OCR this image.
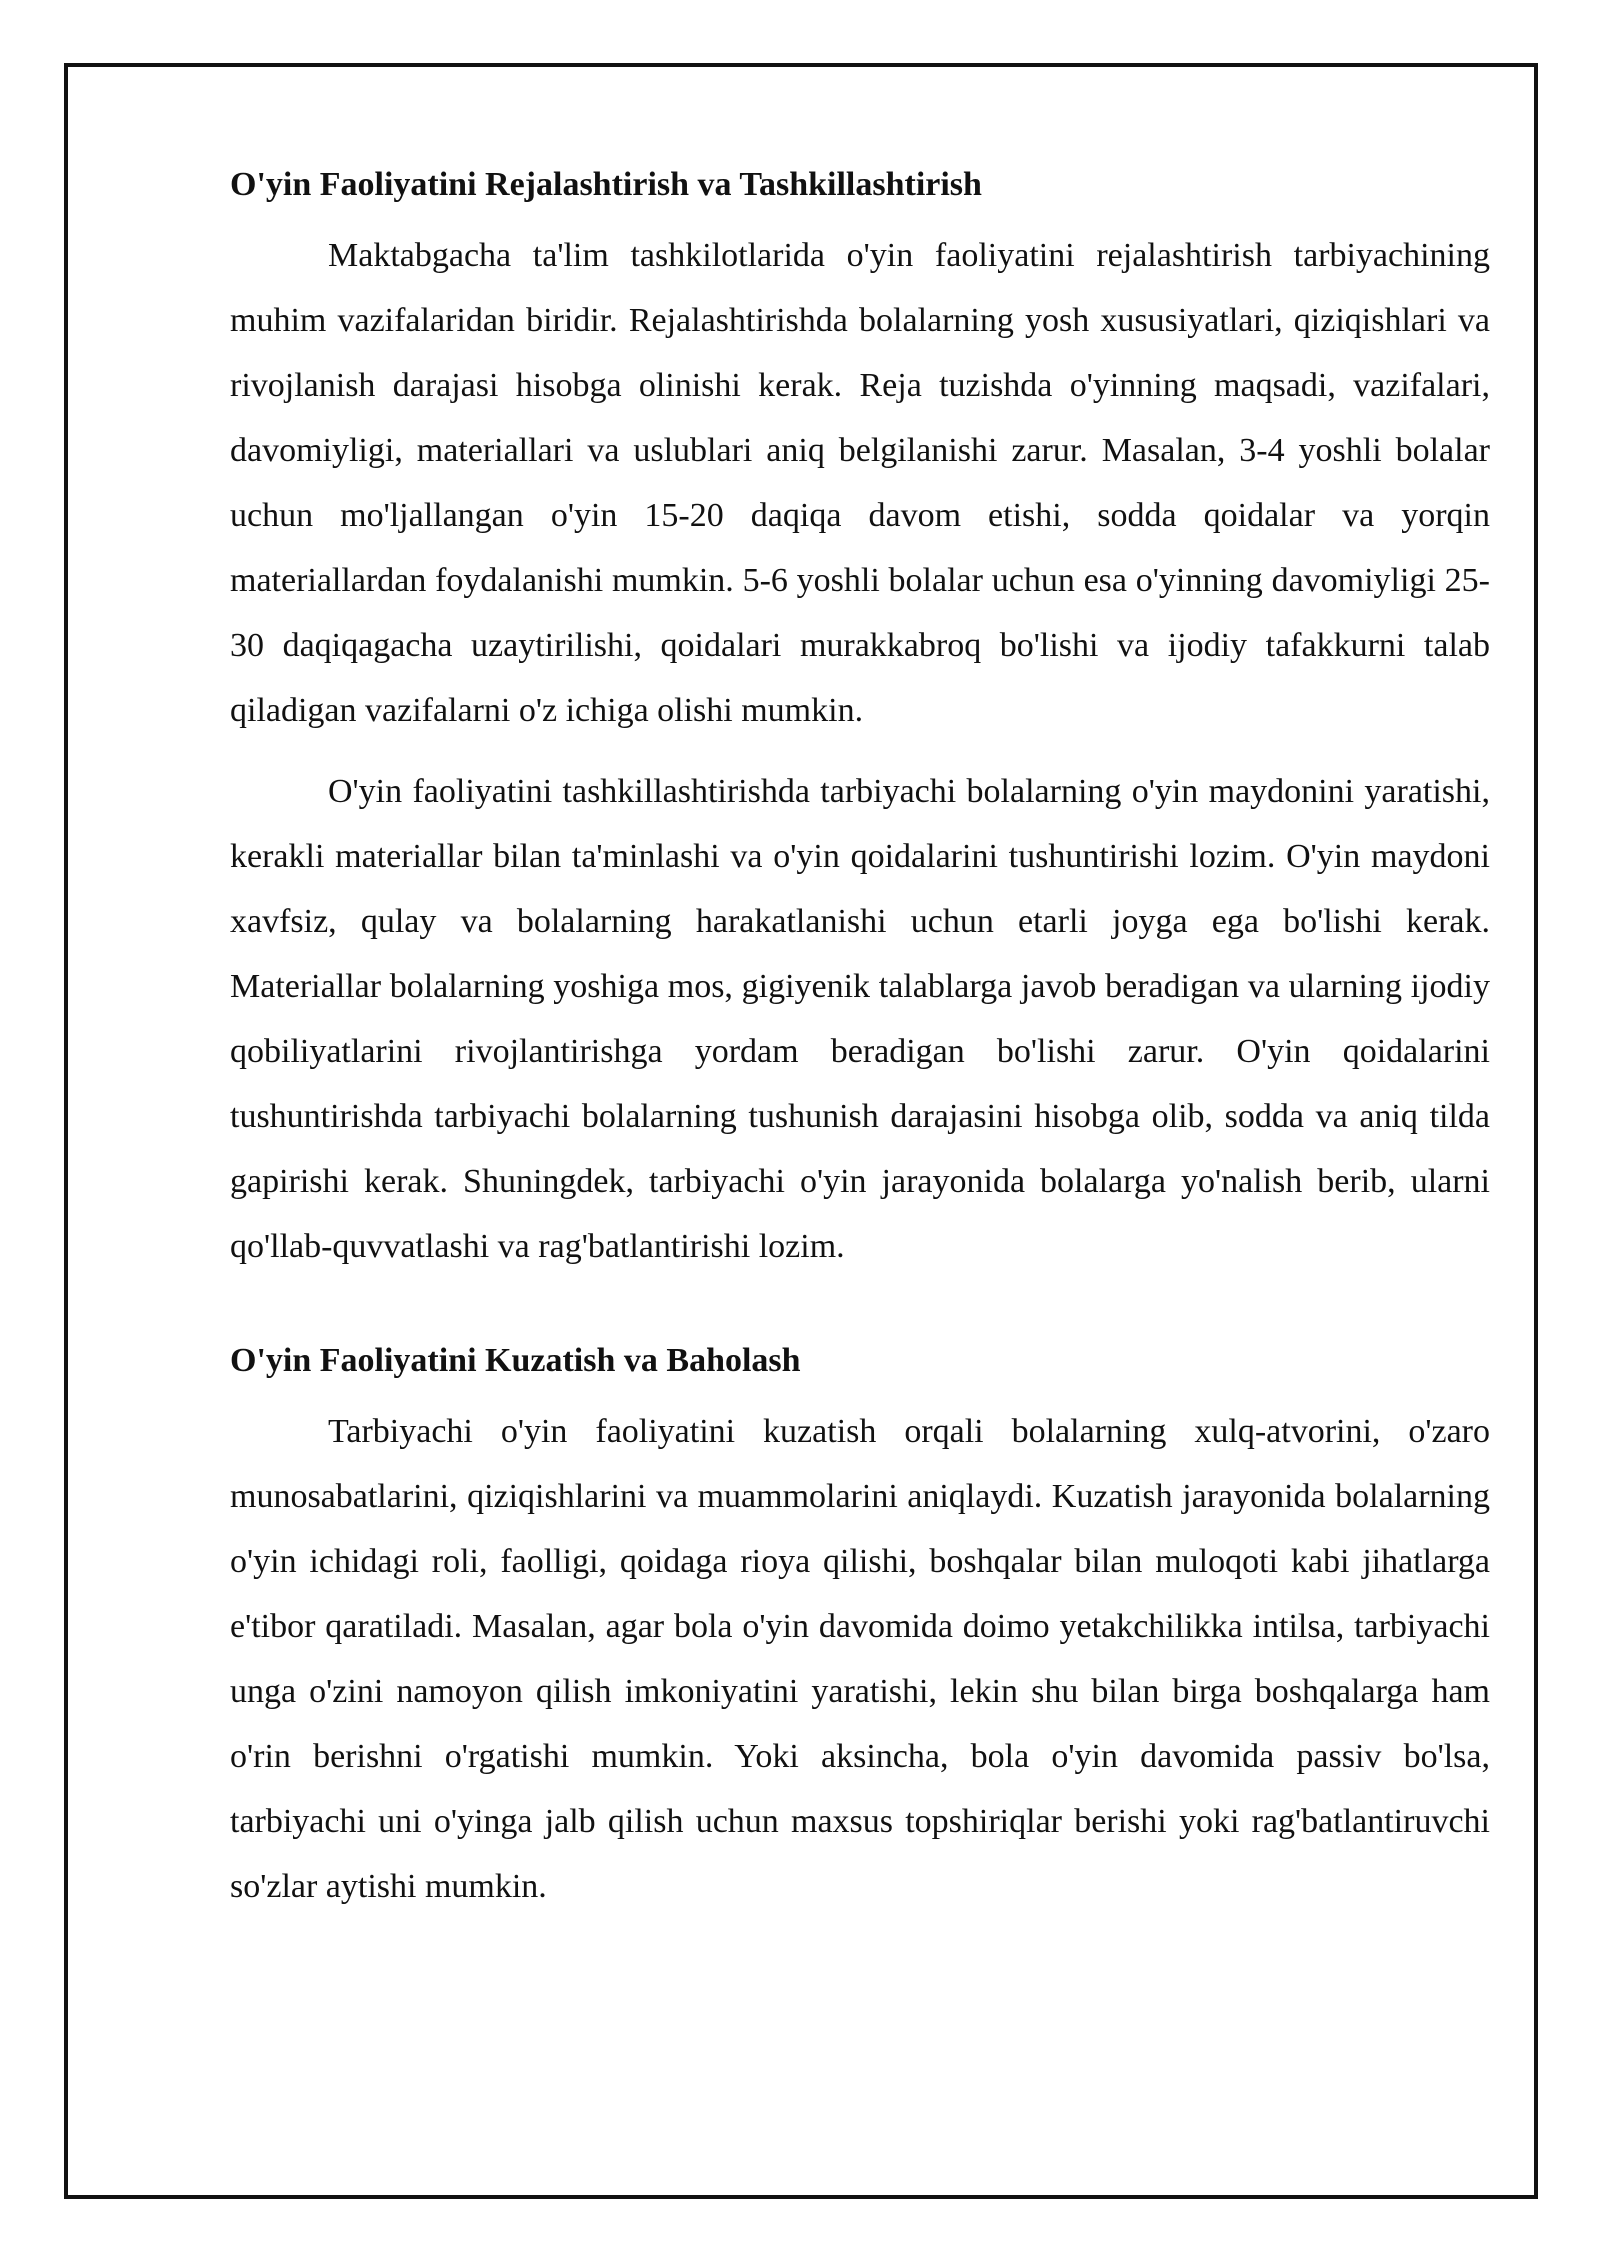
O'yin Faoliyatini Rejalashtirish va Tashkillashtirish

Maktabgacha ta'lim tashkilotlarida o'yin faoliyatini rejalashtirish tarbiyachining muhim vazifalaridan biridir. Rejalashtirishda bolalarning yosh xususiyatlari, qiziqishlari va rivojlanish darajasi hisobga olinishi kerak. Reja tuzishda o'yinning maqsadi, vazifalari, davomiyligi, materiallari va uslublari aniq belgilanishi zarur. Masalan, 3-4 yoshli bolalar uchun mo'ljallangan o'yin 15-20 daqiqa davom etishi, sodda qoidalar va yorqin materiallardan foydalanishi mumkin. 5-6 yoshli bolalar uchun esa o'yinning davomiyligi 25-30 daqiqagacha uzaytirilishi, qoidalari murakkabroq bo'lishi va ijodiy tafakkurni talab qiladigan vazifalarni o'z ichiga olishi mumkin.

O'yin faoliyatini tashkillashtirishda tarbiyachi bolalarning o'yin maydonini yaratishi, kerakli materiallar bilan ta'minlashi va o'yin qoidalarini tushuntirishi lozim. O'yin maydoni xavfsiz, qulay va bolalarning harakatlanishi uchun etarli joyga ega bo'lishi kerak. Materiallar bolalarning yoshiga mos, gigiyenik talablarga javob beradigan va ularning ijodiy qobiliyatlarini rivojlantirishga yordam beradigan bo'lishi zarur. O'yin qoidalarini tushuntirishda tarbiyachi bolalarning tushunish darajasini hisobga olib, sodda va aniq tilda gapirishi kerak. Shuningdek, tarbiyachi o'yin jarayonida bolalarga yo'nalish berib, ularni qo'llab-quvvatlashi va rag'batlantirishi lozim.

O'yin Faoliyatini Kuzatish va Baholash

Tarbiyachi o'yin faoliyatini kuzatish orqali bolalarning xulq-atvorini, o'zaro munosabatlarini, qiziqishlarini va muammolarini aniqlaydi. Kuzatish jarayonida bolalarning o'yin ichidagi roli, faolligi, qoidaga rioya qilishi, boshqalar bilan muloqoti kabi jihatlarga e'tibor qaratiladi. Masalan, agar bola o'yin davomida doimo yetakchilikka intilsa, tarbiyachi unga o'zini namoyon qilish imkoniyatini yaratishi, lekin shu bilan birga boshqalarga ham o'rin berishni o'rgatishi mumkin. Yoki aksincha, bola o'yin davomida passiv bo'lsa, tarbiyachi uni o'yinga jalb qilish uchun maxsus topshiriqlar berishi yoki rag'batlantiruvchi so'zlar aytishi mumkin.
